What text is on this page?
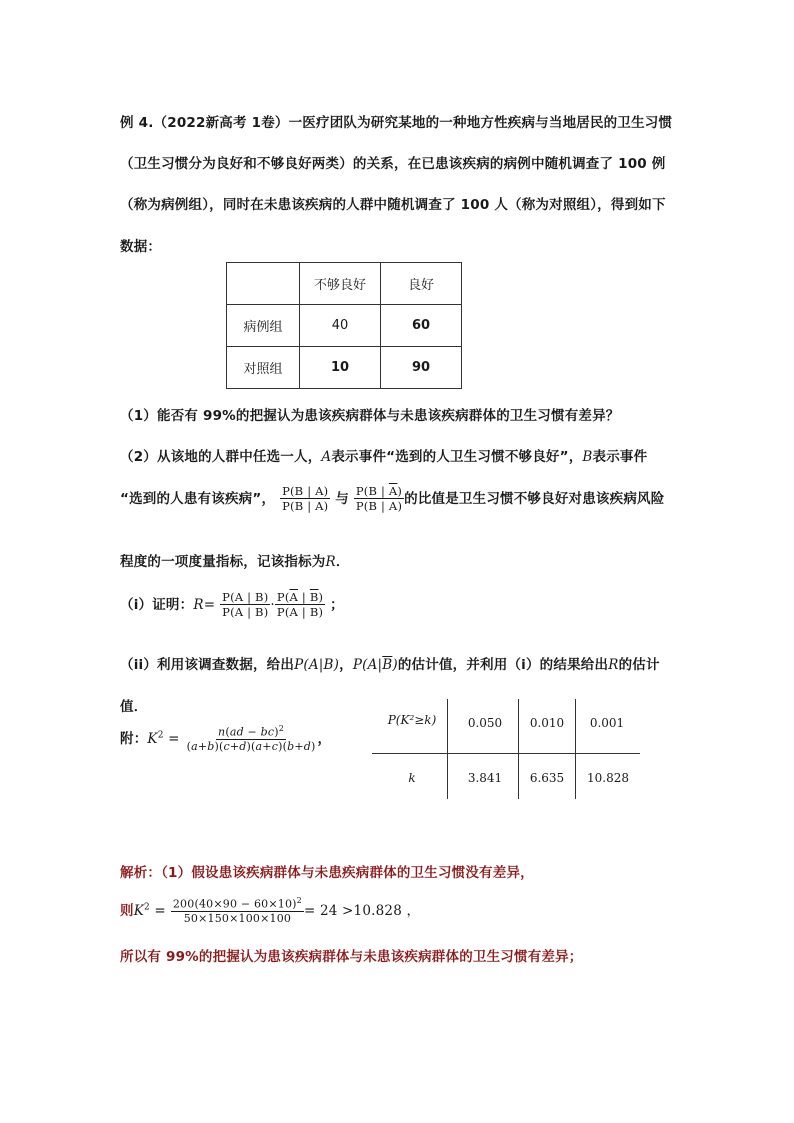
例 4.（2022新高考 1卷）一医疗团队为研究某地的一种地方性疾病与当地居民的卫生习惯
（卫生习惯分为良好和不够良好两类）的关系，在已患该疾病的病例中随机调查了 100 例
（称为病例组），同时在未患该疾病的人群中随机调查了 100 人（称为对照组），得到如下
数据：
	不够良好	良好
病例组	40	60
对照组	10	90
（1）能否有 99%的把握认为患该疾病群体与未患该疾病群体的卫生习惯有差异？
（2）从该地的人群中任选一人，A表示事件“选到的人卫生习惯不够良好”，B表示事件
“选到的人患有该疾病”， $\frac{P(B | A)}{P(\overline{B} | A)}$ 与 $\frac{P(B | \overline{A})}{P(\overline{B} | \overline{A})}$ 的比值是卫生习惯不够良好对患该疾病风险
程度的一项度量指标，记该指标为R．
（i）证明：$R= \frac{P(A | B)}{P(\overline{A} | B)} \cdot \frac{P(\overline{A} | \overline{B})}{P(A | \overline{B})}$ ；
（ii）利用该调查数据，给出P(A|B)，$P(A|\overline{B})$的估计值，并利用（i）的结果给出R的估计
值．
附：$K^2 = \frac{n(ad - bc)^2}{(a+b)(c+d)(a+c)(b+d)}$ ，
P(K²≥k)	0.050	0.010	0.001
k	3.841	6.635	10.828
解析：（1）假设患该疾病群体与未患疾病群体的卫生习惯没有差异，
则$K^2 = \frac{200(40\times 90 - 60\times 10)^2}{50\times 150\times 100\times 100} = 24 >10.828$ ，
所以有 99%的把握认为患该疾病群体与未患该疾病群体的卫生习惯有差异；
